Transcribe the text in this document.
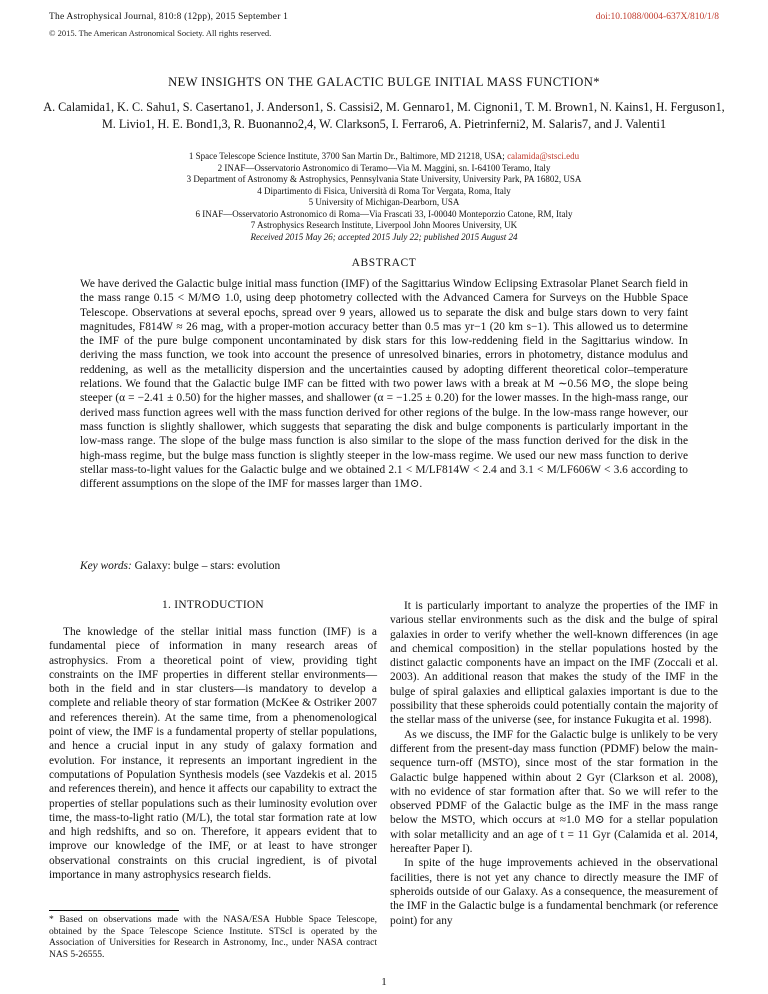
The Astrophysical Journal, 810:8 (12pp), 2015 September 1	doi:10.1088/0004-637X/810/1/8
© 2015. The American Astronomical Society. All rights reserved.
NEW INSIGHTS ON THE GALACTIC BULGE INITIAL MASS FUNCTION*
A. Calamida1, K. C. Sahu1, S. Casertano1, J. Anderson1, S. Cassisi2, M. Gennaro1, M. Cignoni1, T. M. Brown1, N. Kains1, H. Ferguson1, M. Livio1, H. E. Bond1,3, R. Buonanno2,4, W. Clarkson5, I. Ferraro6, A. Pietrinferni2, M. Salaris7, and J. Valenti1
1 Space Telescope Science Institute, 3700 San Martin Dr., Baltimore, MD 21218, USA; calamida@stsci.edu
2 INAF—Osservatorio Astronomico di Teramo—Via M. Maggini, sn. I-64100 Teramo, Italy
3 Department of Astronomy & Astrophysics, Pennsylvania State University, University Park, PA 16802, USA
4 Dipartimento di Fisica, Università di Roma Tor Vergata, Roma, Italy
5 University of Michigan-Dearborn, USA
6 INAF—Osservatorio Astronomico di Roma—Via Frascati 33, I-00040 Monteporzio Catone, RM, Italy
7 Astrophysics Research Institute, Liverpool John Moores University, UK
Received 2015 May 26; accepted 2015 July 22; published 2015 August 24
ABSTRACT
We have derived the Galactic bulge initial mass function (IMF) of the Sagittarius Window Eclipsing Extrasolar Planet Search field in the mass range 0.15 < M/M⊙ 1.0, using deep photometry collected with the Advanced Camera for Surveys on the Hubble Space Telescope. Observations at several epochs, spread over 9 years, allowed us to separate the disk and bulge stars down to very faint magnitudes, F814W ≈ 26 mag, with a proper-motion accuracy better than 0.5 mas yr−1 (20 km s−1). This allowed us to determine the IMF of the pure bulge component uncontaminated by disk stars for this low-reddening field in the Sagittarius window. In deriving the mass function, we took into account the presence of unresolved binaries, errors in photometry, distance modulus and reddening, as well as the metallicity dispersion and the uncertainties caused by adopting different theoretical color–temperature relations. We found that the Galactic bulge IMF can be fitted with two power laws with a break at M ∼0.56 M⊙, the slope being steeper (α = −2.41 ± 0.50) for the higher masses, and shallower (α = −1.25 ± 0.20) for the lower masses. In the high-mass range, our derived mass function agrees well with the mass function derived for other regions of the bulge. In the low-mass range however, our mass function is slightly shallower, which suggests that separating the disk and bulge components is particularly important in the low-mass range. The slope of the bulge mass function is also similar to the slope of the mass function derived for the disk in the high-mass regime, but the bulge mass function is slightly steeper in the low-mass regime. We used our new mass function to derive stellar mass-to-light values for the Galactic bulge and we obtained 2.1 < M/LF814W < 2.4 and 3.1 < M/LF606W < 3.6 according to different assumptions on the slope of the IMF for masses larger than 1M⊙.
Key words: Galaxy: bulge – stars: evolution
1. INTRODUCTION

The knowledge of the stellar initial mass function (IMF) is a fundamental piece of information in many research areas of astrophysics. From a theoretical point of view, providing tight constraints on the IMF properties in different stellar environments—both in the field and in star clusters—is mandatory to develop a complete and reliable theory of star formation (McKee & Ostriker 2007 and references therein). At the same time, from a phenomenological point of view, the IMF is a fundamental property of stellar populations, and hence a crucial input in any study of galaxy formation and evolution. For instance, it represents an important ingredient in the computations of Population Synthesis models (see Vazdekis et al. 2015 and references therein), and hence it affects our capability to extract the properties of stellar populations such as their luminosity evolution over time, the mass-to-light ratio (M/L), the total star formation rate at low and high redshifts, and so on. Therefore, it appears evident that to improve our knowledge of the IMF, or at least to have stronger observational constraints on this crucial ingredient, is of pivotal importance in many astrophysics research fields.

It is particularly important to analyze the properties of the IMF in various stellar environments such as the disk and the bulge of spiral galaxies in order to verify whether the well-known differences (in age and chemical composition) in the stellar populations hosted by the distinct galactic components have an impact on the IMF (Zoccali et al. 2003). An additional reason that makes the study of the IMF in the bulge of spiral galaxies and elliptical galaxies important is due to the possibility that these spheroids could potentially contain the majority of the stellar mass of the universe (see, for instance Fukugita et al. 1998).

As we discuss, the IMF for the Galactic bulge is unlikely to be very different from the present-day mass function (PDMF) below the main-sequence turn-off (MSTO), since most of the star formation in the Galactic bulge happened within about 2 Gyr (Clarkson et al. 2008), with no evidence of star formation after that. So we will refer to the observed PDMF of the Galactic bulge as the IMF in the mass range below the MSTO, which occurs at ≈1.0 M⊙ for a stellar population with solar metallicity and an age of t = 11 Gyr (Calamida et al. 2014, hereafter Paper I).

In spite of the huge improvements achieved in the observational facilities, there is not yet any chance to directly measure the IMF of spheroids outside of our Galaxy. As a consequence, the measurement of the IMF in the Galactic bulge is a fundamental benchmark (or reference point) for any

* Based on observations made with the NASA/ESA Hubble Space Telescope, obtained by the Space Telescope Science Institute. STScI is operated by the Association of Universities for Research in Astronomy, Inc., under NASA contract NAS 5-26555.
1
